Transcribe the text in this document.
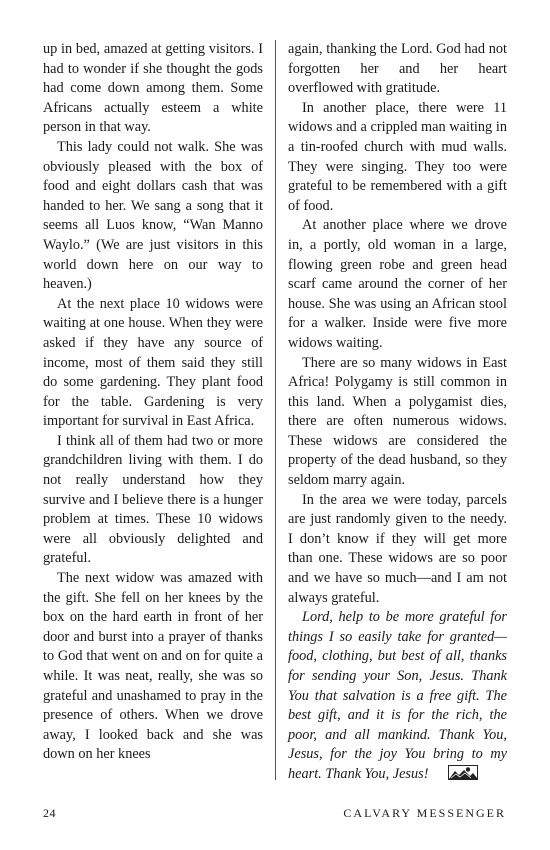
up in bed, amazed at getting visitors. I had to wonder if she thought the gods had come down among them. Some Africans actually esteem a white person in that way.

This lady could not walk. She was obviously pleased with the box of food and eight dollars cash that was handed to her. We sang a song that it seems all Luos know, “Wan Manno Waylo.” (We are just visitors in this world down here on our way to heaven.)

At the next place 10 widows were waiting at one house. When they were asked if they have any source of income, most of them said they still do some gardening. They plant food for the table. Gardening is very important for survival in East Africa.

I think all of them had two or more grandchildren living with them. I do not really understand how they survive and I believe there is a hunger problem at times. These 10 widows were all obviously delighted and grateful.

The next widow was amazed with the gift. She fell on her knees by the box on the hard earth in front of her door and burst into a prayer of thanks to God that went on and on for quite a while. It was neat, really, she was so grateful and unashamed to pray in the presence of others. When we drove away, I looked back and she was down on her knees

again, thanking the Lord. God had not forgotten her and her heart overflowed with gratitude.

In another place, there were 11 widows and a crippled man waiting in a tin-roofed church with mud walls. They were singing. They too were grateful to be remembered with a gift of food.

At another place where we drove in, a portly, old woman in a large, flowing green robe and green head scarf came around the corner of her house. She was using an African stool for a walker. Inside were five more widows waiting.

There are so many widows in East Africa! Polygamy is still common in this land. When a polygamist dies, there are often numerous widows. These widows are considered the property of the dead husband, so they seldom marry again.

In the area we were today, parcels are just randomly given to the needy. I don’t know if they will get more than one. These widows are so poor and we have so much—and I am not always grateful.

Lord, help to be more grateful for things I so easily take for granted—food, clothing, but best of all, thanks for sending your Son, Jesus. Thank You that salvation is a free gift. The best gift, and it is for the rich, the poor, and all mankind. Thank You, Jesus, for the joy You bring to my heart. Thank You, Jesus!

24	CALVARY MESSENGER
